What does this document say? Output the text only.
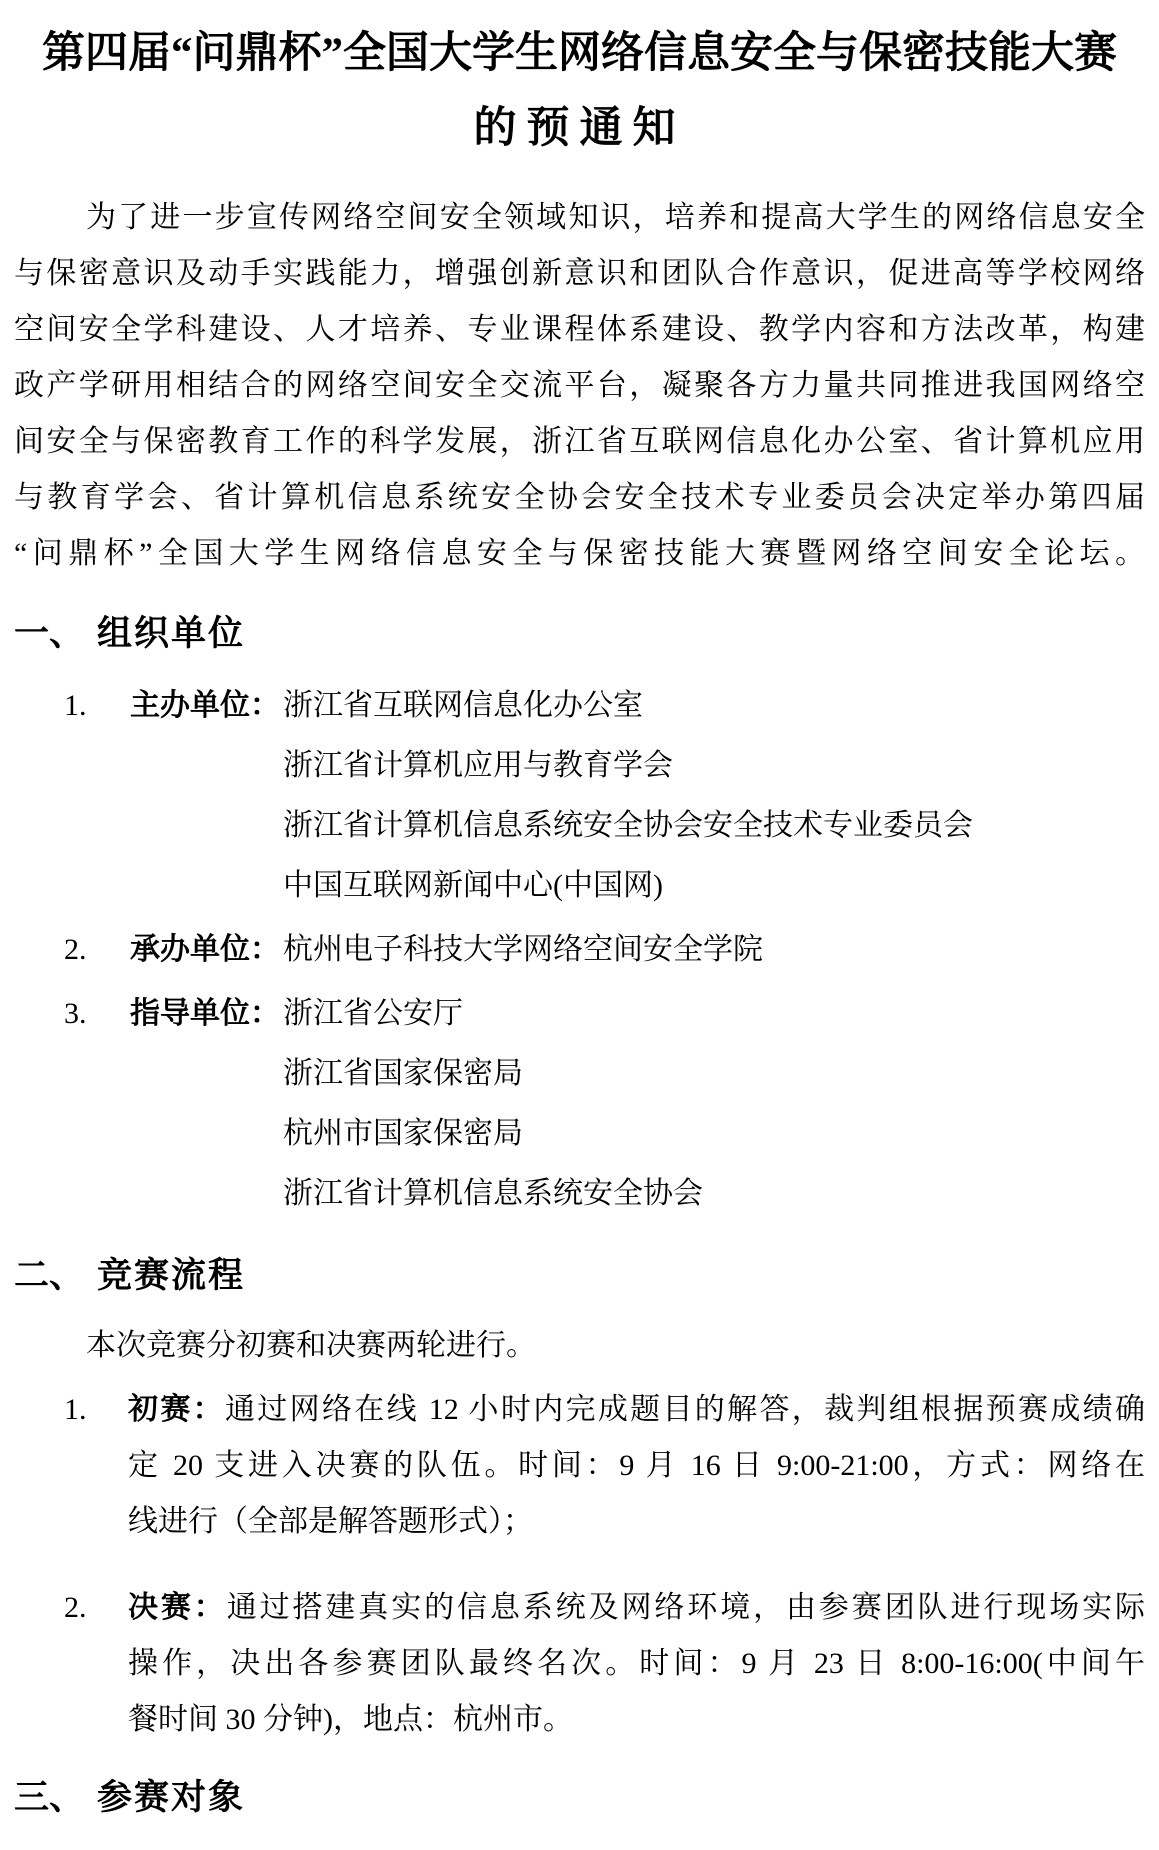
第四届“问鼎杯”全国大学生网络信息安全与保密技能大赛
的预通知
为了进一步宣传网络空间安全领域知识，培养和提高大学生的网络信息安全
与保密意识及动手实践能力，增强创新意识和团队合作意识，促进高等学校网络
空间安全学科建设、人才培养、专业课程体系建设、教学内容和方法改革，构建
政产学研用相结合的网络空间安全交流平台，凝聚各方力量共同推进我国网络空
间安全与保密教育工作的科学发展，浙江省互联网信息化办公室、省计算机应用
与教育学会、省计算机信息系统安全协会安全技术专业委员会决定举办第四届
“问鼎杯”全国大学生网络信息安全与保密技能大赛暨网络空间安全论坛。
一、 组织单位
1. 主办单位： 浙江省互联网信息化办公室
浙江省计算机应用与教育学会
浙江省计算机信息系统安全协会安全技术专业委员会
中国互联网新闻中心(中国网)
2. 承办单位： 杭州电子科技大学网络空间安全学院
3. 指导单位： 浙江省公安厅
浙江省国家保密局
杭州市国家保密局
浙江省计算机信息系统安全协会
二、 竞赛流程
本次竞赛分初赛和决赛两轮进行。
1. 初赛：通过网络在线 12 小时内完成题目的解答，裁判组根据预赛成绩确
定 20 支进入决赛的队伍。时间：9 月 16 日 9:00-21:00，方式：网络在
线进行（全部是解答题形式）；
2. 决赛：通过搭建真实的信息系统及网络环境，由参赛团队进行现场实际
操作，决出各参赛团队最终名次。时间：9 月 23 日 8:00-16:00(中间午
餐时间 30 分钟)，地点：杭州市。
三、 参赛对象
